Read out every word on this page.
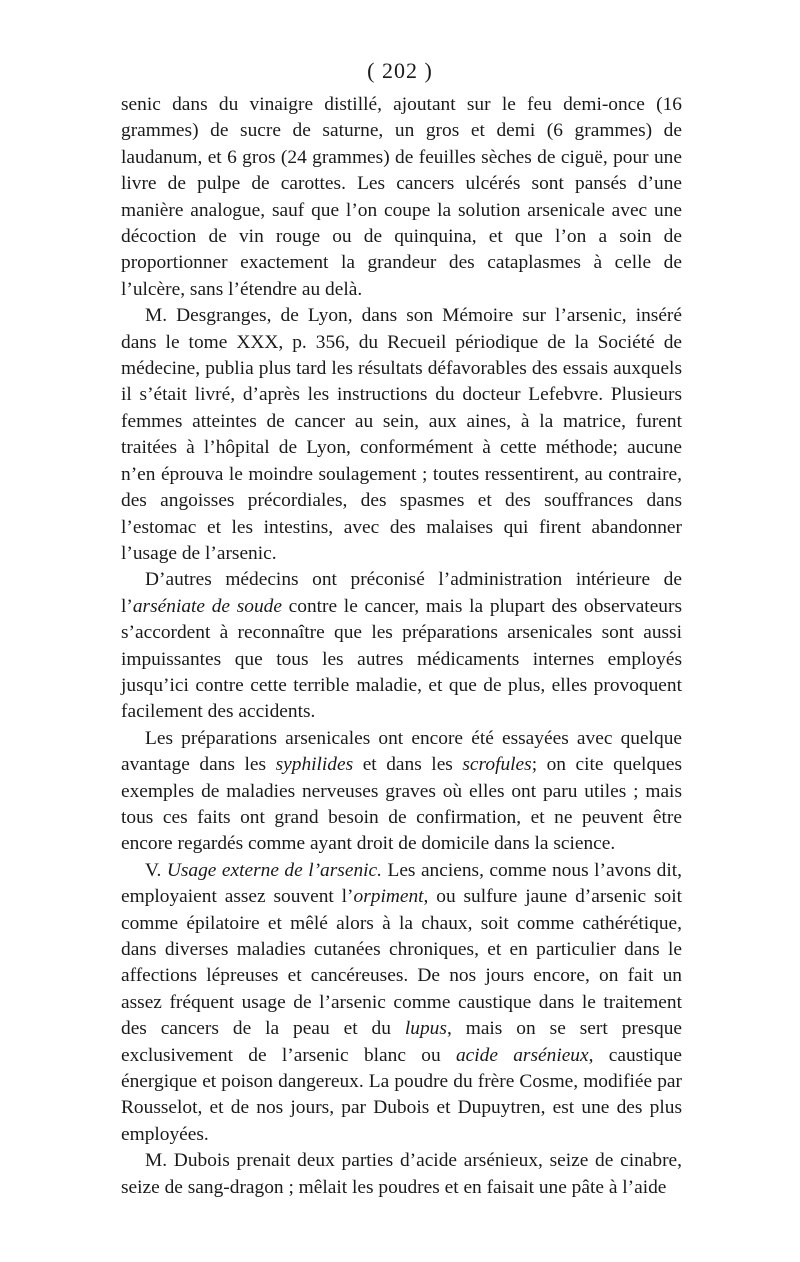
( 202 )

senic dans du vinaigre distillé, ajoutant sur le feu demi-once (16 grammes) de sucre de saturne, un gros et demi (6 grammes) de laudanum, et 6 gros (24 grammes) de feuilles sèches de ciguë, pour une livre de pulpe de carottes. Les cancers ulcérés sont pansés d’une manière analogue, sauf que l’on coupe la solution arsenicale avec une décoction de vin rouge ou de quinquina, et que l’on a soin de proportionner exactement la grandeur des cataplasmes à celle de l’ulcère, sans l’étendre au delà.

M. Desgranges, de Lyon, dans son Mémoire sur l’arsenic, inséré dans le tome XXX, p. 356, du Recueil périodique de la Société de médecine, publia plus tard les résultats défavorables des essais auxquels il s’était livré, d’après les instructions du docteur Lefebvre. Plusieurs femmes atteintes de cancer au sein, aux aines, à la matrice, furent traitées à l’hôpital de Lyon, conformément à cette méthode; aucune n’en éprouva le moindre soulagement ; toutes ressentirent, au contraire, des angoisses précordiales, des spasmes et des souffrances dans l’estomac et les intestins, avec des malaises qui firent abandonner l’usage de l’arsenic.

D’autres médecins ont préconisé l’administration intérieure de l’arséniate de soude contre le cancer, mais la plupart des observateurs s’accordent à reconnaître que les préparations arsenicales sont aussi impuissantes que tous les autres médicaments internes employés jusqu’ici contre cette terrible maladie, et que de plus, elles provoquent facilement des accidents.

Les préparations arsenicales ont encore été essayées avec quelque avantage dans les syphilides et dans les scrofules; on cite quelques exemples de maladies nerveuses graves où elles ont paru utiles ; mais tous ces faits ont grand besoin de confirmation, et ne peuvent être encore regardés comme ayant droit de domicile dans la science.

V. Usage externe de l’arsenic. Les anciens, comme nous l’avons dit, employaient assez souvent l’orpiment, ou sulfure jaune d’arsenic soit comme épilatoire et mêlé alors à la chaux, soit comme cathérétique, dans diverses maladies cutanées chroniques, et en particulier dans le affections lépreuses et cancéreuses. De nos jours encore, on fait un assez fréquent usage de l’arsenic comme caustique dans le traitement des cancers de la peau et du lupus, mais on se sert presque exclusivement de l’arsenic blanc ou acide arsénieux, caustique énergique et poison dangereux. La poudre du frère Cosme, modifiée par Rousselot, et de nos jours, par Dubois et Dupuytren, est une des plus employées.

M. Dubois prenait deux parties d’acide arsénieux, seize de cinabre, seize de sang-dragon ; mêlait les poudres et en faisait une pâte à l’aide
